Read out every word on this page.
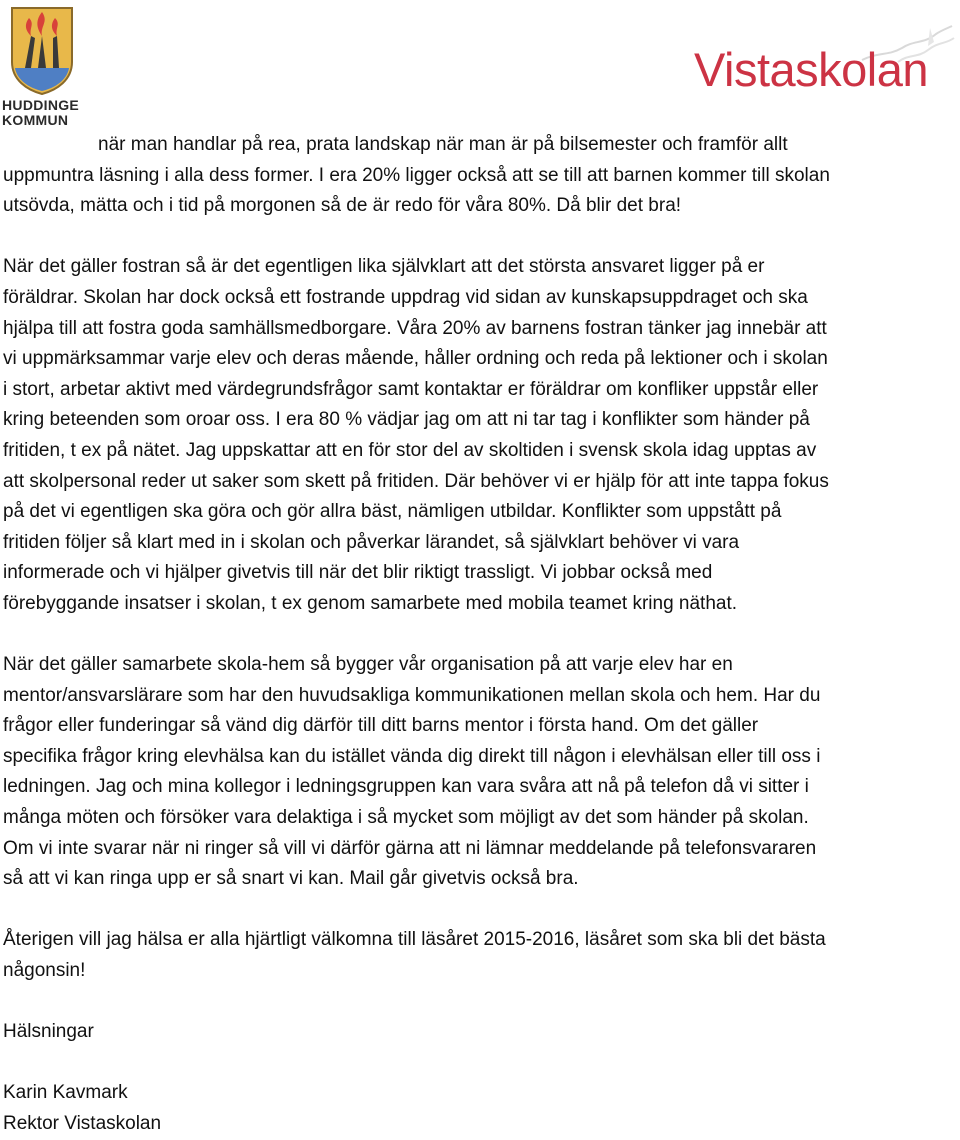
HUDDINGE
KOMMUN
Vistaskolan
när man handlar på rea, prata landskap när man är på bilsemester och framför allt
uppmuntra läsning i alla dess former. I era 20% ligger också att se till att barnen kommer till skolan
utsövda, mätta och i tid på morgonen så de är redo för våra 80%. Då blir det bra!
När det gäller fostran så är det egentligen lika självklart att det största ansvaret ligger på er
föräldrar. Skolan har dock också ett fostrande uppdrag vid sidan av kunskapsuppdraget och ska
hjälpa till att fostra goda samhällsmedborgare. Våra 20% av barnens fostran tänker jag innebär att
vi uppmärksammar varje elev och deras mående, håller ordning och reda på lektioner och i skolan
i stort, arbetar aktivt med värdegrundsfrågor samt kontaktar er föräldrar om konfliker uppstår eller
kring beteenden som oroar oss. I era 80 % vädjar jag om att ni tar tag i konflikter som händer på
fritiden, t ex på nätet. Jag uppskattar att en för stor del av skoltiden i svensk skola idag upptas av
att skolpersonal reder ut saker som skett på fritiden. Där behöver vi er hjälp för att inte tappa fokus
på det vi egentligen ska göra och gör allra bäst, nämligen utbildar. Konflikter som uppstått på
fritiden följer så klart med in i skolan och påverkar lärandet, så självklart behöver vi vara
informerade och vi hjälper givetvis till när det blir riktigt trassligt. Vi jobbar också med
förebyggande insatser i skolan, t ex genom samarbete med mobila teamet kring näthat.
När det gäller samarbete skola-hem så bygger vår organisation på att varje elev har en
mentor/ansvarslärare som har den huvudsakliga kommunikationen mellan skola och hem. Har du
frågor eller funderingar så vänd dig därför till ditt barns mentor i första hand. Om det gäller
specifika frågor kring elevhälsa kan du istället vända dig direkt till någon i elevhälsan eller till oss i
ledningen. Jag och mina kollegor i ledningsgruppen kan vara svåra att nå på telefon då vi sitter i
många möten och försöker vara delaktiga i så mycket som möjligt av det som händer på skolan.
Om vi inte svarar när ni ringer så vill vi därför gärna att ni lämnar meddelande på telefonsvararen
så att vi kan ringa upp er så snart vi kan. Mail går givetvis också bra.
Återigen vill jag hälsa er alla hjärtligt välkomna till läsåret 2015-2016, läsåret som ska bli det bästa
någonsin!
Hälsningar
Karin Kavmark
Rektor Vistaskolan
